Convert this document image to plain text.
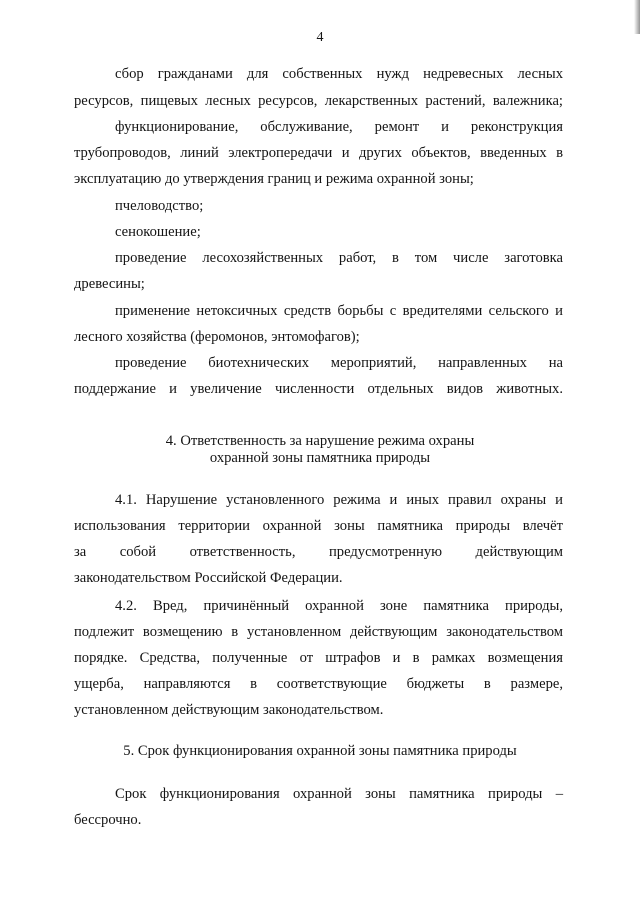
4
сбор гражданами для собственных нужд недревесных лесных
ресурсов, пищевых лесных ресурсов, лекарственных растений, валежника;
функционирование, обслуживание, ремонт и реконструкция
трубопроводов, линий электропередачи и других объектов, введенных в
эксплуатацию до утверждения границ и режима охранной зоны;
пчеловодство;
сенокошение;
проведение лесохозяйственных работ, в том числе заготовка
древесины;
применение нетоксичных средств борьбы с вредителями сельского и
лесного хозяйства (феромонов, энтомофагов);
проведение биотехнических мероприятий, направленных на
поддержание и увеличение численности отдельных видов животных.
4. Ответственность за нарушение режима охраны
охранной зоны памятника природы
4.1. Нарушение установленного режима и иных правил охраны и
использования территории охранной зоны памятника природы влечёт
за собой ответственность, предусмотренную действующим
законодательством Российской Федерации.
4.2. Вред, причинённый охранной зоне памятника природы,
подлежит возмещению в установленном действующим законодательством
порядке. Средства, полученные от штрафов и в рамках возмещения
ущерба, направляются в соответствующие бюджеты в размере,
установленном действующим законодательством.
5. Срок функционирования охранной зоны памятника природы
Срок функционирования охранной зоны памятника природы –
бессрочно.
